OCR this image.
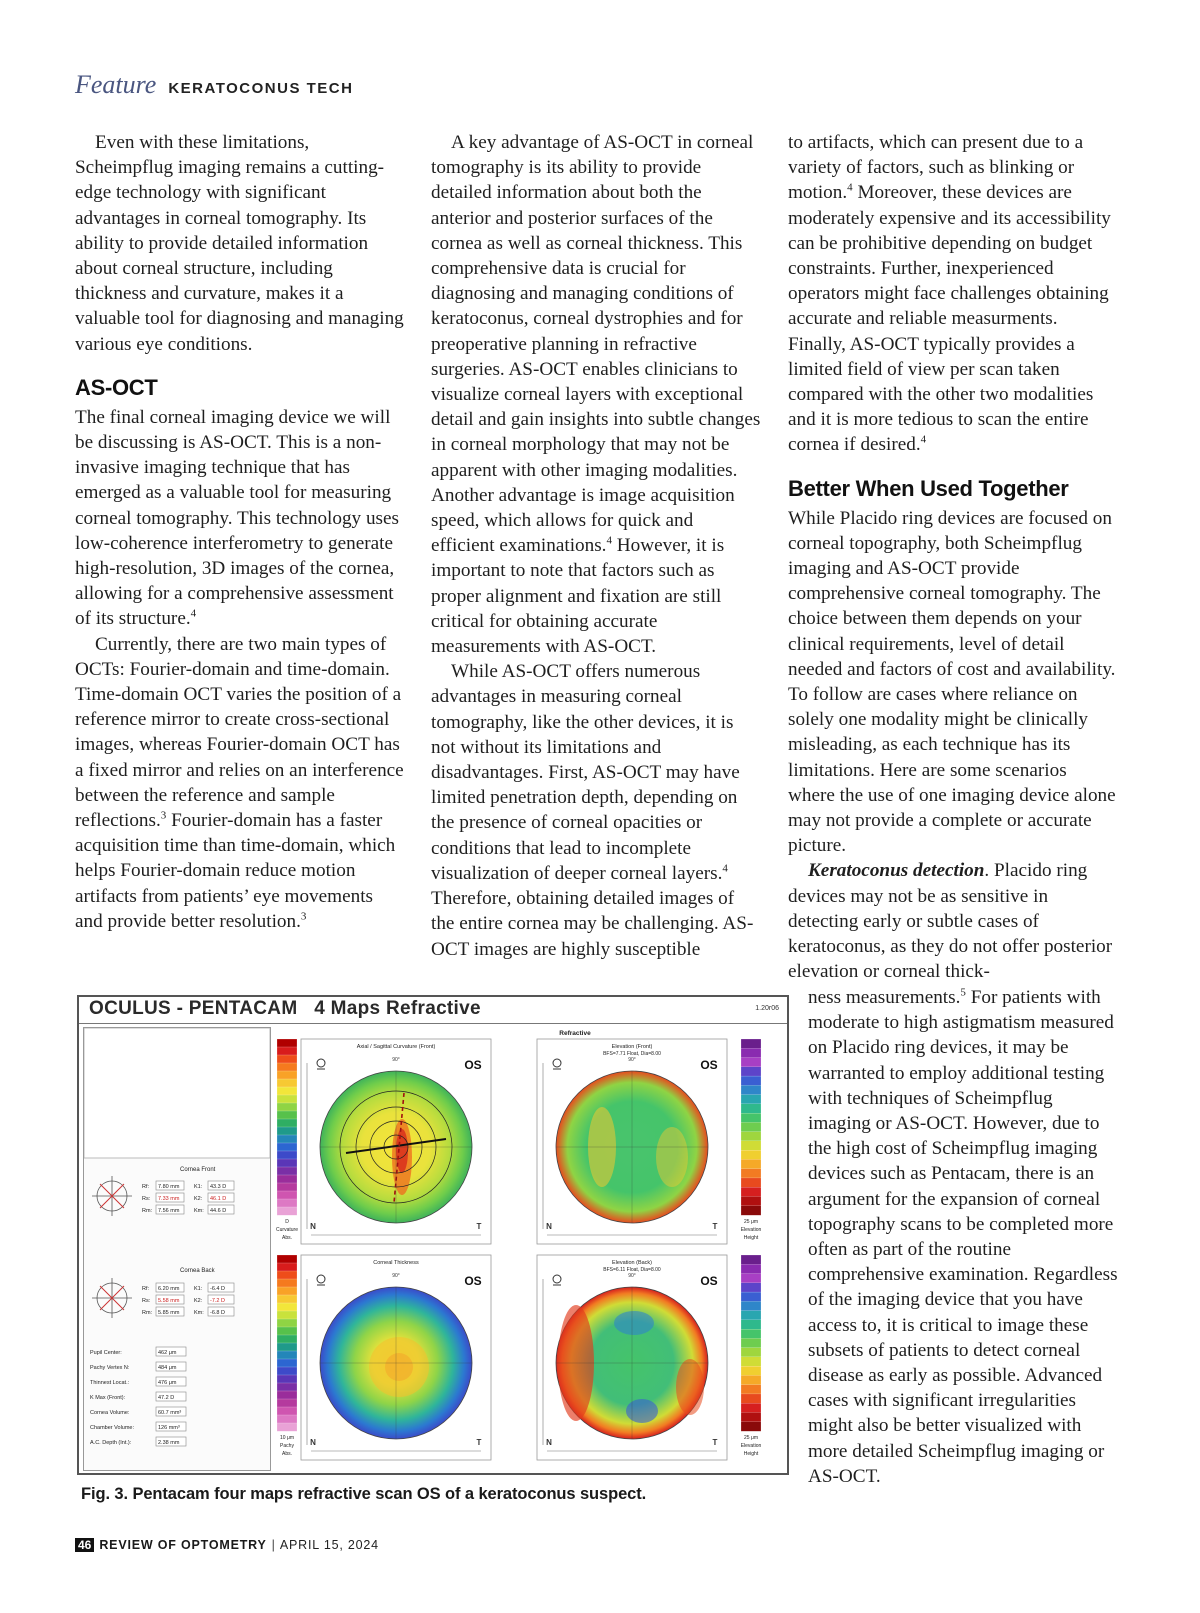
Feature KERATOCONUS TECH

Even with these limitations, Scheimpflug imaging remains a cutting-edge technology with significant advantages in corneal tomography. Its ability to provide detailed information about corneal structure, including thickness and curvature, makes it a valuable tool for diagnosing and managing various eye conditions.

AS-OCT

The final corneal imaging device we will be discussing is AS-OCT. This is a non-invasive imaging technique that has emerged as a valuable tool for measuring corneal tomography. This technology uses low-coherence interferometry to generate high-resolution, 3D images of the cornea, allowing for a comprehensive assessment of its structure.$^4$

Currently, there are two main types of OCTs: Fourier-domain and time-domain. Time-domain OCT varies the position of a reference mirror to create cross-sectional images, whereas Fourier-domain OCT has a fixed mirror and relies on an interference between the reference and sample reflections.$^3$ Fourier-domain has a faster acquisition time than time-domain, which helps Fourier-domain reduce motion artifacts from patients’ eye movements and provide better resolution.$^3$

A key advantage of AS-OCT in corneal tomography is its ability to provide detailed information about both the anterior and posterior surfaces of the cornea as well as corneal thickness. This comprehensive data is crucial for diagnosing and managing conditions of keratoconus, corneal dystrophies and for preoperative planning in refractive surgeries. AS-OCT enables clinicians to visualize corneal layers with exceptional detail and gain insights into subtle changes in corneal morphology that may not be apparent with other imaging modalities. Another advantage is image acquisition speed, which allows for quick and efficient examinations.$^4$ However, it is important to note that factors such as proper alignment and fixation are still critical for obtaining accurate measurements with AS-OCT.

While AS-OCT offers numerous advantages in measuring corneal tomography, like the other devices, it is not without its limitations and disadvantages. First, AS-OCT may have limited penetration depth, depending on the presence of corneal opacities or conditions that lead to incomplete visualization of deeper corneal layers.$^4$ Therefore, obtaining detailed images of the entire cornea may be challenging. AS-OCT images are highly susceptible

to artifacts, which can present due to a variety of factors, such as blinking or motion.$^4$ Moreover, these devices are moderately expensive and its accessibility can be prohibitive depending on budget constraints. Further, inexperienced operators might face challenges obtaining accurate and reliable measurments. Finally, AS-OCT typically provides a limited field of view per scan taken compared with the other two modalities and it is more tedious to scan the entire cornea if desired.$^4$

Better When Used Together

While Placido ring devices are focused on corneal topography, both Scheimpflug imaging and AS-OCT provide comprehensive corneal tomography. The choice between them depends on your clinical requirements, level of detail needed and factors of cost and availability. To follow are cases where reliance on solely one modality might be clinically misleading, as each technique has its limitations. Here are some scenarios where the use of one imaging device alone may not provide a complete or accurate picture.

Keratoconus detection. Placido ring devices may not be as sensitive in detecting early or subtle cases of keratoconus, as they do not offer posterior elevation or corneal thick-

ness measurements.$^5$ For patients with moderate to high astigmatism measured on Placido ring devices, it may be warranted to employ additional testing with techniques of Scheimpflug imaging or AS-OCT. However, due to the high cost of Scheimpflug imaging devices such as Pentacam, there is an argument for the expansion of corneal topography scans to be completed more often as part of the routine comprehensive examination. Regardless of the imaging device that you have access to, it is critical to image these subsets of patients to detect corneal disease as early as possible. Advanced cases with significant irregularities might also be better visualized with more detailed Scheimpflug imaging or AS-OCT.

OCULUS - PENTACAM   4 Maps Refractive	1.20r06
Cornea Front
Rf: 7.80 mm	K1: 43.3 D
Rs: 7.33 mm	K2: 46.1 D
Rm: 7.56 mm	Km: 44.6 D
Cornea Back
Rf: 6.20 mm	K1: -6.4 D
Rs: 5.58 mm	K2: -7.2 D
Rm: 5.85 mm	Km: -6.8 D
Pupil Center:	462 μm
Pachy Vertex N:	484 μm
Thinnest Locat.:	476 μm
K Max (Front):	47.2 D
Cornea Volume:	60.7 mm³
Chamber Volume:	126 mm³
A.C. Depth (Int.):	2.38 mm
Refractive
D
Curvature
Abs.
Axial / Sagittal Curvature (Front)
OS
90°
N	T	25 μm
Elevation
Height
Elevation (Front)
BFS=7.71 Float, Dia=8.00
OS
90°
N	T
10 μm
Pachy
Abs.
Corneal Thickness
OS
90°
N	T	25 μm
Elevation
Height
Elevation (Back)
BFS=6.11 Float, Dia=8.00
OS
90°
N	T
Fig. 3. Pentacam four maps refractive scan OS of a keratoconus suspect.
46 REVIEW OF OPTOMETRY | APRIL 15, 2024
